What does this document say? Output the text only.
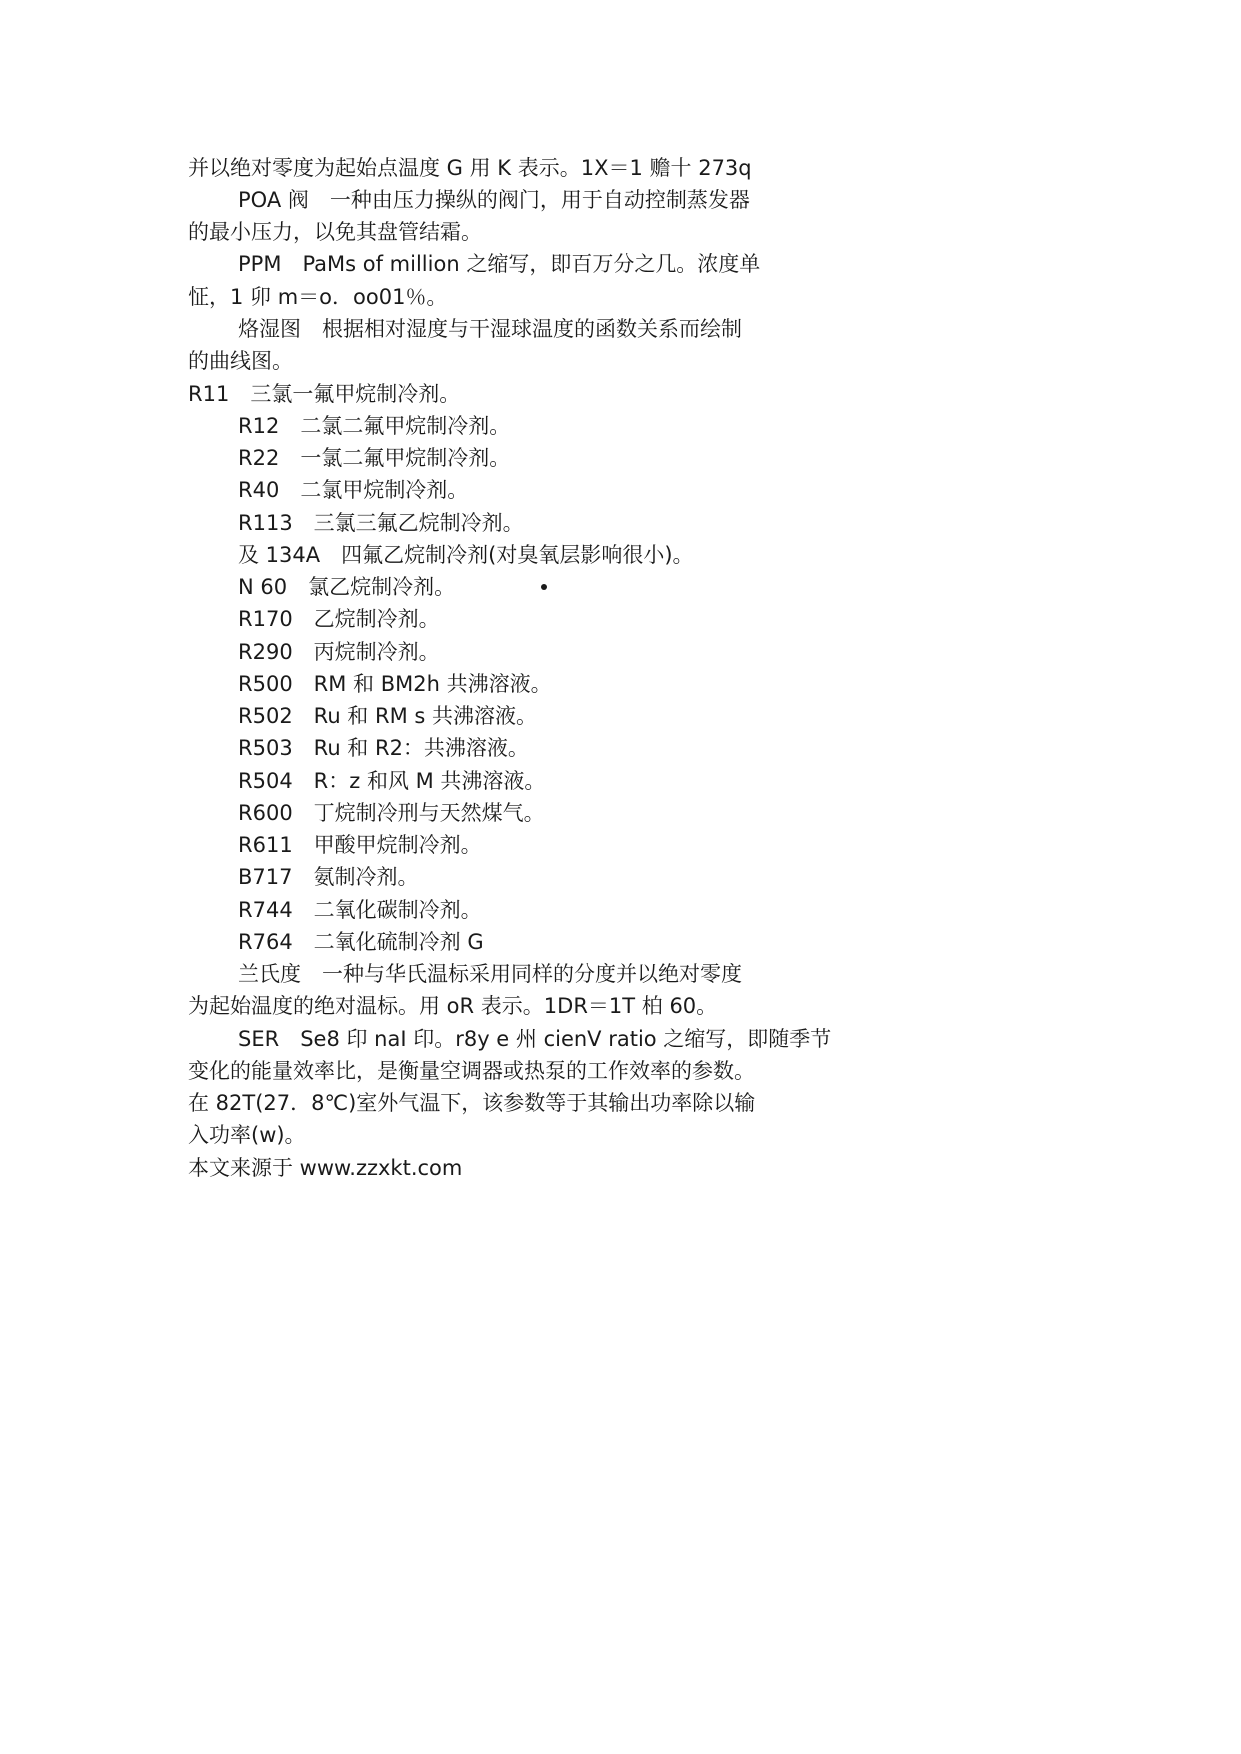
并以绝对零度为起始点温度 G 用 K 表示。1X＝1 赡十 273q
POA 阀　一种由压力操纵的阀门，用于自动控制蒸发器
的最小压力，以免其盘管结霜。
PPM　PaMs of million 之缩写，即百万分之几。浓度单
怔，1 卯 m＝o．oo01％。
烙湿图　根据相对湿度与干湿球温度的函数关系而绘制
的曲线图。
R11　三氯一氟甲烷制冷剂。
R12　二氯二氟甲烷制冷剂。
R22　一氯二氟甲烷制冷剂。
R40　二氯甲烷制冷剂。
R113　三氯三氟乙烷制冷剂。
及 134A　四氟乙烷制冷剂(对臭氧层影响很小)。
N 60　氯乙烷制冷剂。
R170　乙烷制冷剂。
R290　丙烷制冷剂。
R500　RM 和 BM2h 共沸溶液。
R502　Ru 和 RM s 共沸溶液。
R503　Ru 和 R2：共沸溶液。
R504　R：z 和风 M 共沸溶液。
R600　丁烷制冷刑与天然煤气。
R611　甲酸甲烷制冷剂。
B717　氨制冷剂。
R744　二氧化碳制冷剂。
R764　二氧化硫制冷剂 G
兰氏度　一种与华氏温标采用同样的分度并以绝对零度
为起始温度的绝对温标。用 oR 表示。1DR＝1T 柏 60。
SER　Se8 印 naI 印。r8y e 州 cienV ratio 之缩写，即随季节
变化的能量效率比，是衡量空调器或热泵的工作效率的参数。
在 82T(27．8℃)室外气温下，该参数等于其输出功率除以输
入功率(w)。
本文来源于 www.zzxkt.com
